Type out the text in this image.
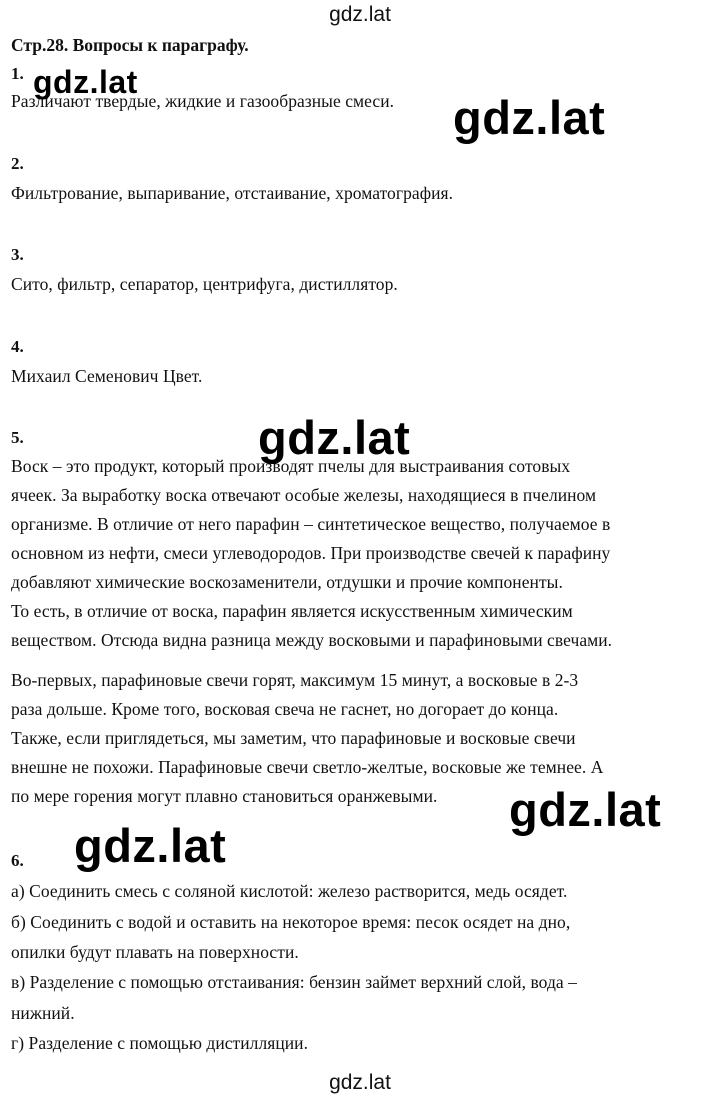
gdz.lat
Стр.28. Вопросы к параграфу.
1.
Различают твердые, жидкие и газообразные смеси.
2.
Фильтрование, выпаривание, отстаивание, хроматография.
3.
Сито, фильтр, сепаратор, центрифуга, дистиллятор.
4.
Михаил Семенович Цвет.
5.
Воск – это продукт, который производят пчелы для выстраивания сотовых
ячеек. За выработку воска отвечают особые железы, находящиеся в пчелином
организме. В отличие от него парафин – синтетическое вещество, получаемое в
основном из нефти, смеси углеводородов. При производстве свечей к парафину
добавляют химические воскозаменители, отдушки и прочие компоненты.
То есть, в отличие от воска, парафин является искусственным химическим
веществом. Отсюда видна разница между восковыми и парафиновыми свечами.
Во-первых, парафиновые свечи горят, максимум 15 минут, а восковые в 2-3
раза дольше. Кроме того, восковая свеча не гаснет, но догорает до конца.
Также, если приглядеться, мы заметим, что парафиновые и восковые свечи
внешне не похожи. Парафиновые свечи светло-желтые, восковые же темнее. А
по мере горения могут плавно становиться оранжевыми.
6.
а) Соединить смесь с соляной кислотой: железо растворится, медь осядет.
б) Соединить с водой и оставить на некоторое время: песок осядет на дно,
опилки будут плавать на поверхности.
в) Разделение с помощью отстаивания: бензин займет верхний слой, вода –
нижний.
г) Разделение с помощью дистилляции.
gdz.lat
gdz.lat
gdz.lat
gdz.lat
gdz.lat
gdz.lat
